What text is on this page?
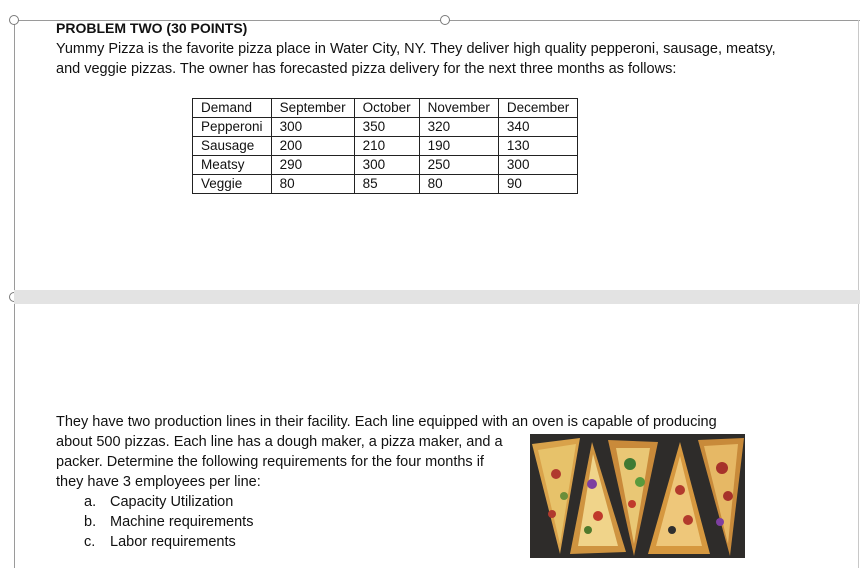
PROBLEM TWO (30 POINTS)
Yummy Pizza is the favorite pizza place in Water City, NY. They deliver high quality pepperoni, sausage, meatsy, and veggie pizzas. The owner has forecasted pizza delivery for the next three months as follows:
Demand	September	October	November	December
Pepperoni	300	350	320	340
Sausage	200	210	190	130
Meatsy	290	300	250	300
Veggie	80	85	80	90
They have two production lines in their facility. Each line equipped with an oven is capable of producing
about 500 pizzas. Each line has a dough maker, a pizza maker, and a
packer. Determine the following requirements for the four months if
they have 3 employees per line:
a. Capacity Utilization
b. Machine requirements
c.	Labor requirements
